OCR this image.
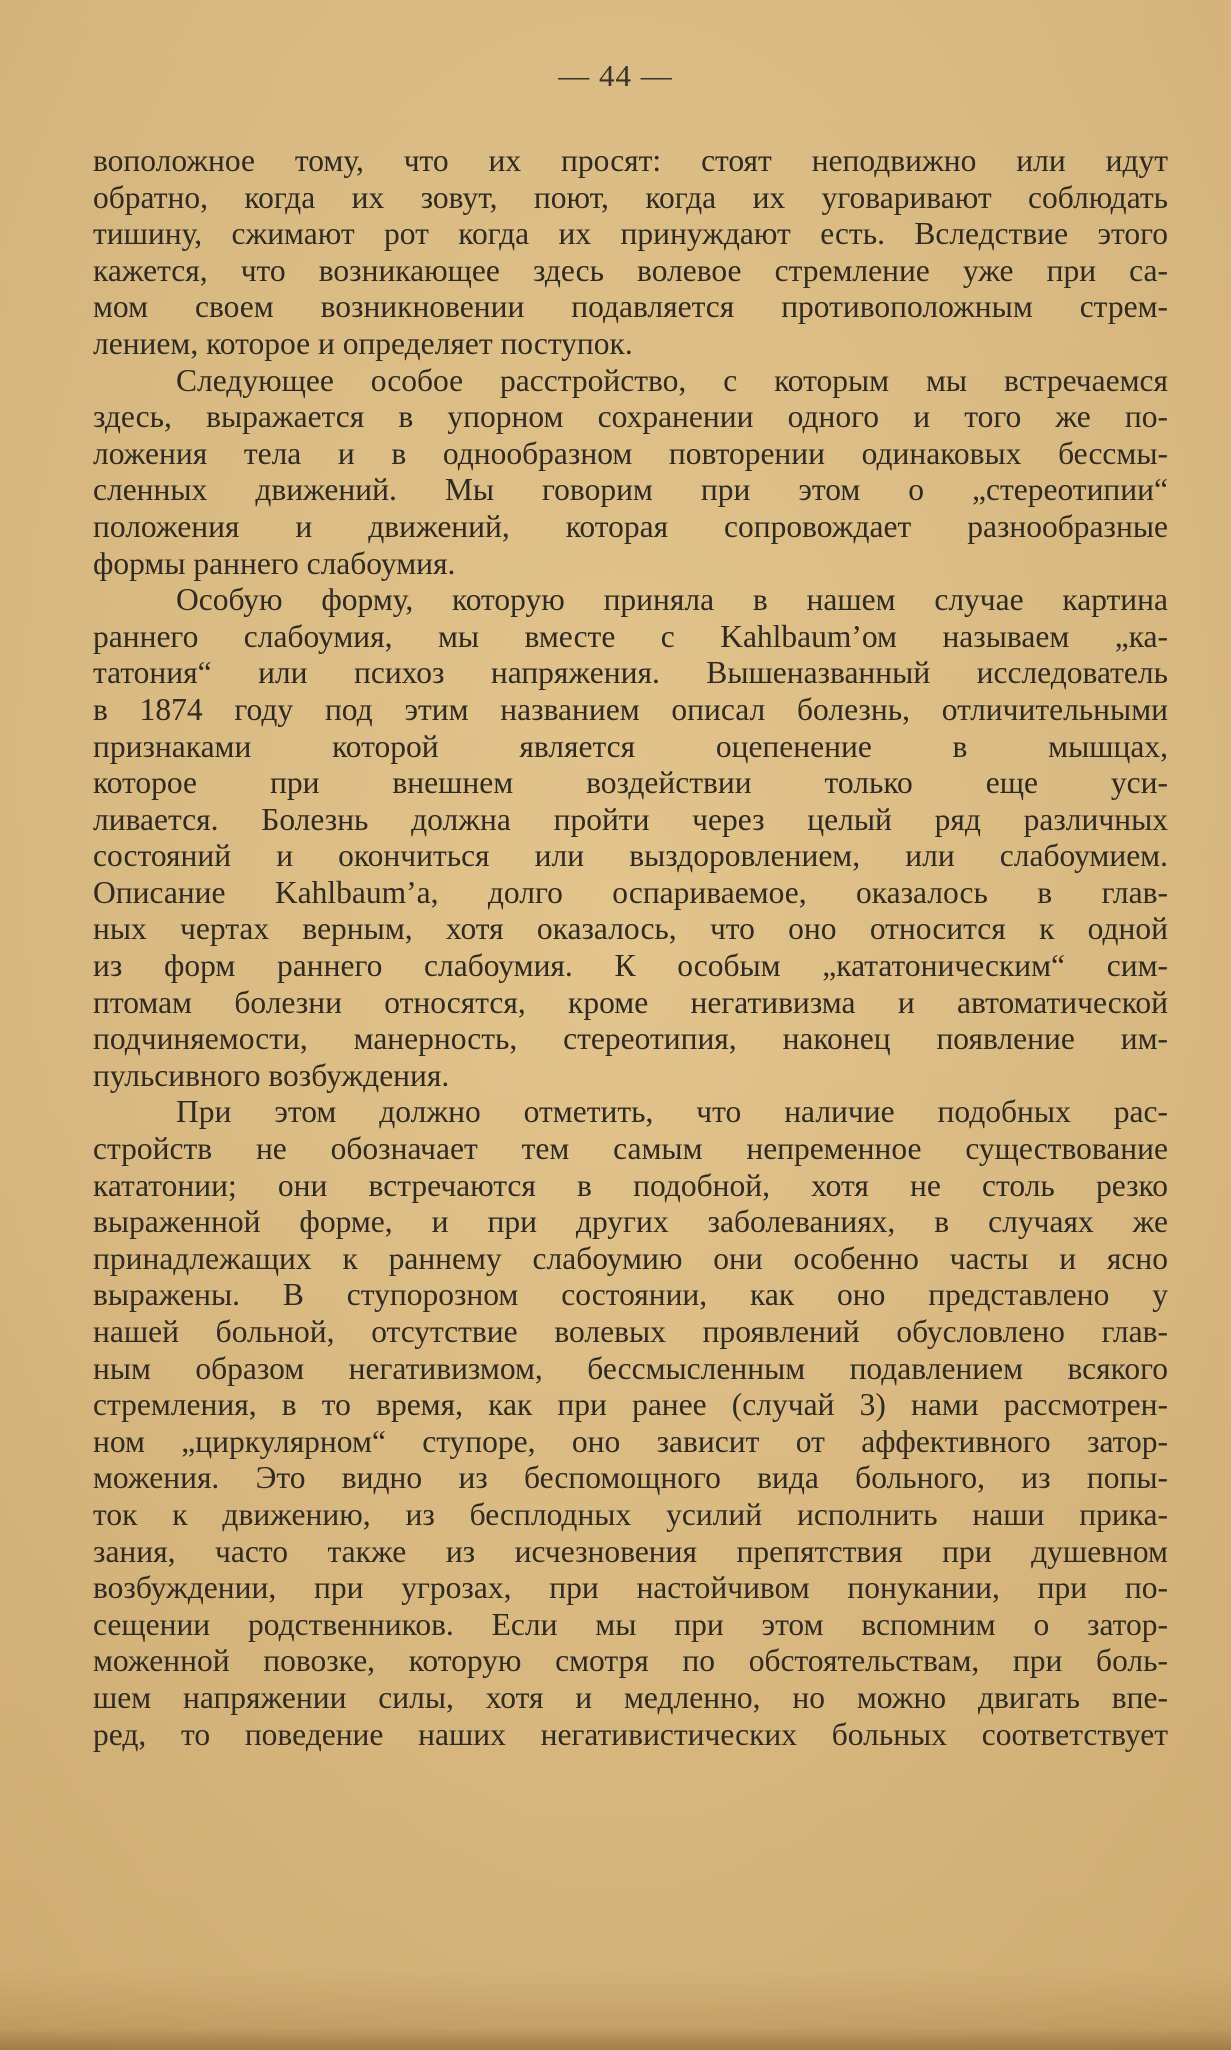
— 44 —
воположное тому, что их просят: стоят неподвижно или идут
обратно, когда их зовут, поют, когда их уговаривают соблюдать
тишину, сжимают рот когда их принуждают есть. Вследствие этого
кажется, что возникающее здесь волевое стремление уже при са-
мом своем возникновении подавляется противоположным стрем-
лением, которое и определяет поступок.
Следующее особое расстройство, с которым мы встречаемся
здесь, выражается в упорном сохранении одного и того же по-
ложения тела и в однообразном повторении одинаковых бессмы-
сленных движений. Мы говорим при этом о „стереотипии“
положения и движений, которая сопровождает разнообразные
формы раннего слабоумия.
Особую форму, которую приняла в нашем случае картина
раннего слабоумия, мы вместе с Kahlbaum’ом называем „ка-
татония“ или психоз напряжения. Вышеназванный исследователь
в 1874 году под этим названием описал болезнь, отличительными
признаками которой является оцепенение в мышцах,
которое при внешнем воздействии только еще уси-
ливается. Болезнь должна пройти через целый ряд различных
состояний и окончиться или выздоровлением, или слабоумием.
Описание Kahlbaum’a, долго оспариваемое, оказалось в глав-
ных чертах верным, хотя оказалось, что оно относится к одной
из форм раннего слабоумия. К особым „кататоническим“ сим-
птомам болезни относятся, кроме негативизма и автоматической
подчиняемости, манерность, стереотипия, наконец появление им-
пульсивного возбуждения.
При этом должно отметить, что наличие подобных рас-
стройств не обозначает тем самым непременное существование
кататонии; они встречаются в подобной, хотя не столь резко
выраженной форме, и при других заболеваниях, в случаях же
принадлежащих к раннему слабоумию они особенно часты и ясно
выражены. В ступорозном состоянии, как оно представлено у
нашей больной, отсутствие волевых проявлений обусловлено глав-
ным образом негативизмом, бессмысленным подавлением всякого
стремления, в то время, как при ранее (случай 3) нами рассмотрен-
ном „циркулярном“ ступоре, оно зависит от аффективного затор-
можения. Это видно из беспомощного вида больного, из попы-
ток к движению, из бесплодных усилий исполнить наши прика-
зания, часто также из исчезновения препятствия при душевном
возбуждении, при угрозах, при настойчивом понукании, при по-
сещении родственников. Если мы при этом вспомним о затор-
моженной повозке, которую смотря по обстоятельствам, при боль-
шем напряжении силы, хотя и медленно, но можно двигать впе-
ред, то поведение наших негативистических больных соответствует
